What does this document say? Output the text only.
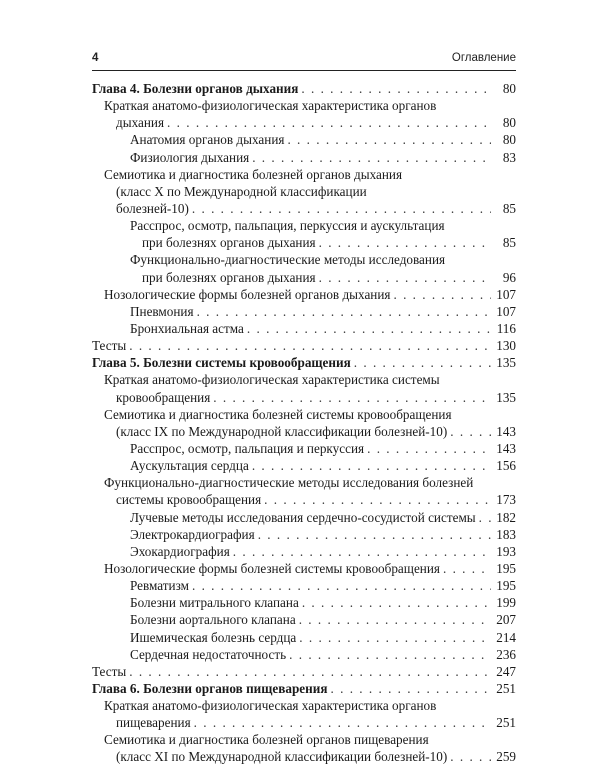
4	Оглавление
Глава 4. Болезни органов дыхания . . .	80
Краткая анатомо-физиологическая характеристика органов
дыхания . . .	80
Анатомия органов дыхания . . .	80
Физиология дыхания . . .	83
Семиотика и диагностика болезней органов дыхания
(класс X по Международной классификации
болезней-10) . . .	85
Расспрос, осмотр, пальпация, перкуссия и аускультация
при болезнях органов дыхания . . .	85
Функционально-диагностические методы исследования
при болезнях органов дыхания . . .	96
Нозологические формы болезней органов дыхания . . .	107
Пневмония . . .	107
Бронхиальная астма . . .	116
Тесты . . .	130
Глава 5. Болезни системы кровообращения . . .	135
Краткая анатомо-физиологическая характеристика системы
кровообращения . . .	135
Семиотика и диагностика болезней системы кровообращения
(класс IX по Международной классификации болезней-10) . . .	143
Расспрос, осмотр, пальпация и перкуссия . . .	143
Аускультация сердца . . .	156
Функционально-диагностические методы исследования болезней
системы кровообращения . . .	173
Лучевые методы исследования сердечно-сосудистой системы . . . 182
Электрокардиография . . .	183
Эхокардиография . . .	193
Нозологические формы болезней системы кровообращения . . .	195
Ревматизм . . .	195
Болезни митрального клапана . . .	199
Болезни аортального клапана . . .	207
Ишемическая болезнь сердца . . .	214
Сердечная недостаточность . . .	236
Тесты . . .	247
Глава 6. Болезни органов пищеварения . . .	251
Краткая анатомо-физиологическая характеристика органов
пищеварения . . .	251
Семиотика и диагностика болезней органов пищеварения
(класс XI по Международной классификации болезней-10) . . .	259
